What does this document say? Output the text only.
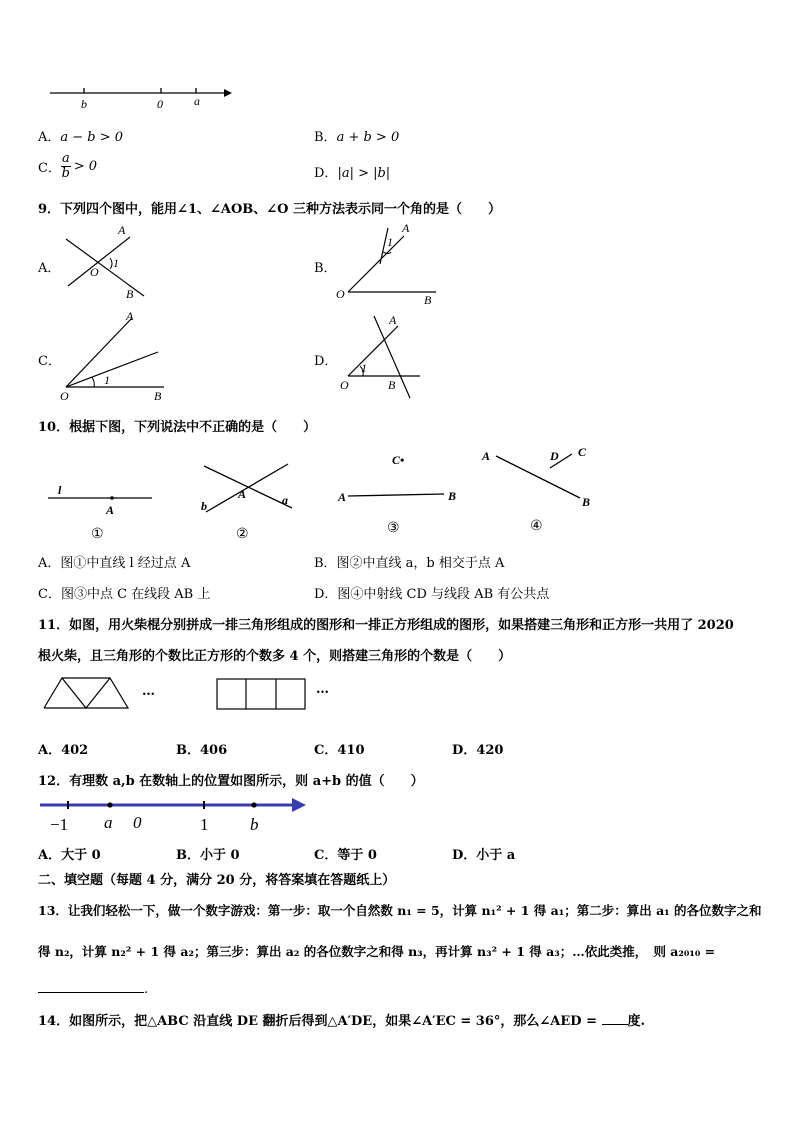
b	0	a
A．a − b > 0	B．a + b > 0
C． $\frac{a}{b} > 0$	D．|a| > |b|
9．下列四个图中，能用∠1、∠AOB、∠O 三种方法表示同一个角的是（　　）
A．
A
O
1
B
B．
A
1
O	B
C．
A
1
O	B
D．
A
1
O	B
10．根据下图，下列说法中不正确的是（　　）
l
A
①
b
A	a
②
C•
A	B
③
A	D C
B
④
A．图①中直线 l 经过点 A	B．图②中直线 a，b 相交于点 A
C．图③中点 C 在线段 AB 上	D．图④中射线 CD 与线段 AB 有公共点
11．如图，用火柴棍分别拼成一排三角形组成的图形和一排正方形组成的图形，如果搭建三角形和正方形一共用了 2020
根火柴，且三角形的个数比正方形的个数多 4 个，则搭建三角形的个数是（　　）
…	…
A．402	B．406	C．410	D．420
12．有理数 a,b 在数轴上的位置如图所示，则 a+b 的值（　　）
−1 a 0	1 b
A．大于 0	B．小于 0	C．等于 0	D．小于 a
二、填空题（每题 4 分，满分 20 分，将答案填在答题纸上）
13．让我们轻松一下，做一个数字游戏：第一步：取一个自然数 n₁ = 5，计算 n₁² + 1 得 a₁；第二步：算出 a₁ 的各位数字之和
得 n₂，计算 n₂² + 1 得 a₂；第三步：算出 a₂ 的各位数字之和得 n₃，再计算 n₃² + 1 得 a₃；…依此类推，　则 a₂₀₁₀ =
.
14．如图所示，把△ABC 沿直线 DE 翻折后得到△A′DE，如果∠A′EC = 36°，那么∠AED = 度.
